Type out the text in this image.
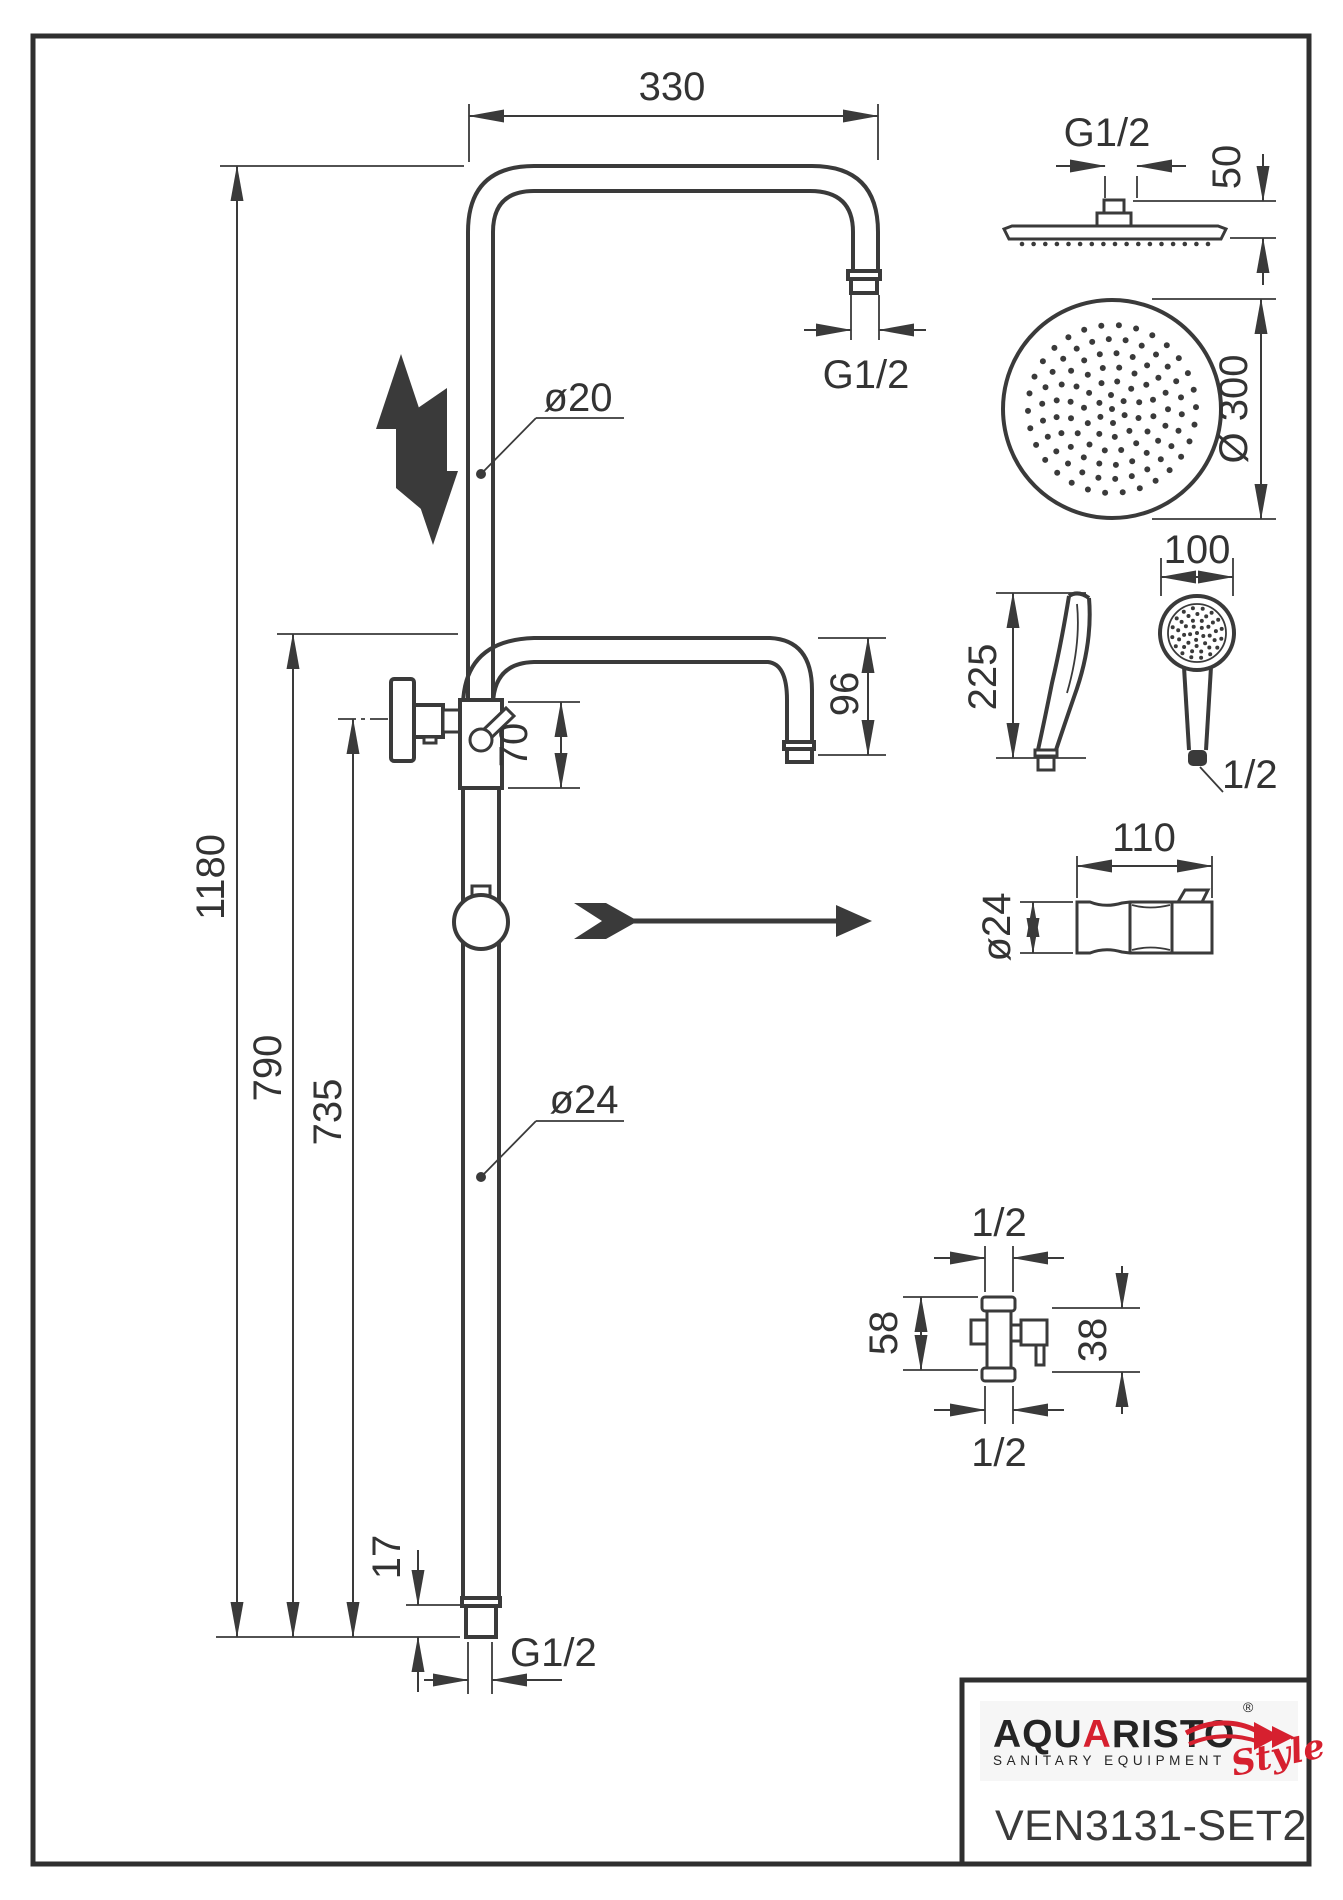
330
G1/2
1180
790
735
17
G1/2
ø20
ø24
96
70
G1/2
50
Ø 300
225
100
1/2
110
ø24
1/2
58	38
1/2
AQUARISTO
®
SANITARY EQUIPMENT Style
VEN3131-SET2
